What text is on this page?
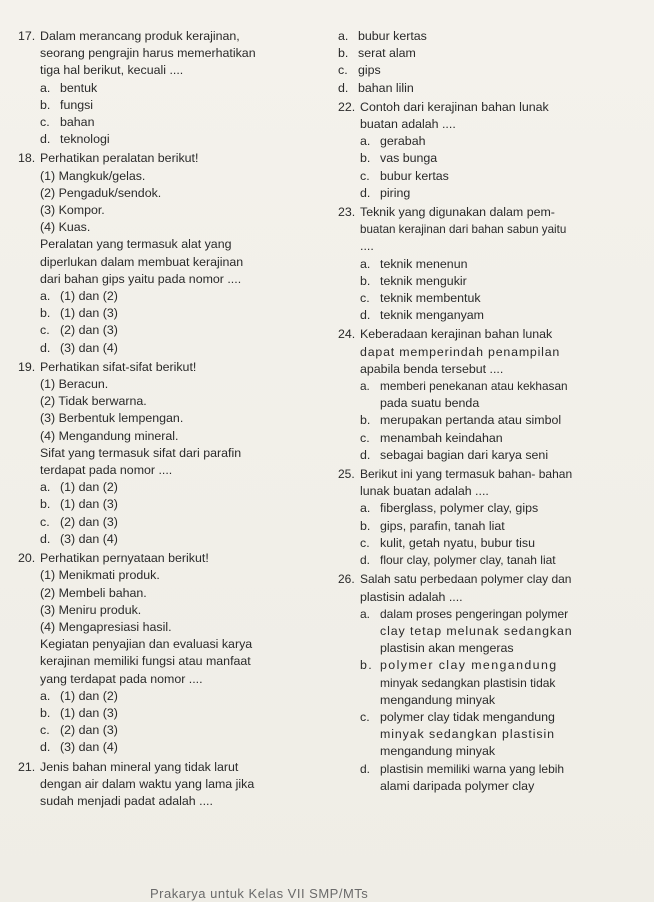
17. Dalam merancang produk kerajinan,
seorang pengrajin harus memerhatikan
tiga hal berikut, kecuali ....
a. bentuk
b. fungsi
c. bahan
d. teknologi
18. Perhatikan peralatan berikut!
(1) Mangkuk/gelas.
(2) Pengaduk/sendok.
(3) Kompor.
(4) Kuas.
Peralatan yang termasuk alat yang
diperlukan dalam membuat kerajinan
dari bahan gips yaitu pada nomor ....
a. (1) dan (2)
b. (1) dan (3)
c. (2) dan (3)
d. (3) dan (4)
19. Perhatikan sifat-sifat berikut!
(1) Beracun.
(2) Tidak berwarna.
(3) Berbentuk lempengan.
(4) Mengandung mineral.
Sifat yang termasuk sifat dari parafin
terdapat pada nomor ....
a. (1) dan (2)
b. (1) dan (3)
c. (2) dan (3)
d. (3) dan (4)
20. Perhatikan pernyataan berikut!
(1) Menikmati produk.
(2) Membeli bahan.
(3) Meniru produk.
(4) Mengapresiasi hasil.
Kegiatan penyajian dan evaluasi karya
kerajinan memiliki fungsi atau manfaat
yang terdapat pada nomor ....
a. (1) dan (2)
b. (1) dan (3)
c. (2) dan (3)
d. (3) dan (4)
21. Jenis bahan mineral yang tidak larut
dengan air dalam waktu yang lama jika
sudah menjadi padat adalah ....
a. bubur kertas
b. serat alam
c. gips
d. bahan lilin
22. Contoh dari kerajinan bahan lunak
buatan adalah ....
a. gerabah
b. vas bunga
c. bubur kertas
d. piring
23. Teknik yang digunakan dalam pem-
buatan kerajinan dari bahan sabun yaitu
....
a. teknik menenun
b. teknik mengukir
c. teknik membentuk
d. teknik menganyam
24. Keberadaan kerajinan bahan lunak
dapat memperindah penampilan
apabila benda tersebut ....
a. memberi penekanan atau kekhasan
pada suatu benda
b. merupakan pertanda atau simbol
c. menambah keindahan
d. sebagai bagian dari karya seni
25. Berikut ini yang termasuk bahan- bahan
lunak buatan adalah ....
a. fiberglass, polymer clay, gips
b. gips, parafin, tanah liat
c. kulit, getah nyatu, bubur tisu
d. flour clay, polymer clay, tanah liat
26. Salah satu perbedaan polymer clay dan
plastisin adalah ....
a. dalam proses pengeringan polymer
clay tetap melunak sedangkan
plastisin akan mengeras
b. polymer clay mengandung
minyak sedangkan plastisin tidak
mengandung minyak
c. polymer clay tidak mengandung
minyak sedangkan plastisin
mengandung minyak
d. plastisin memiliki warna yang lebih
alami daripada polymer clay
Prakarya untuk Kelas VII SMP/MTs
